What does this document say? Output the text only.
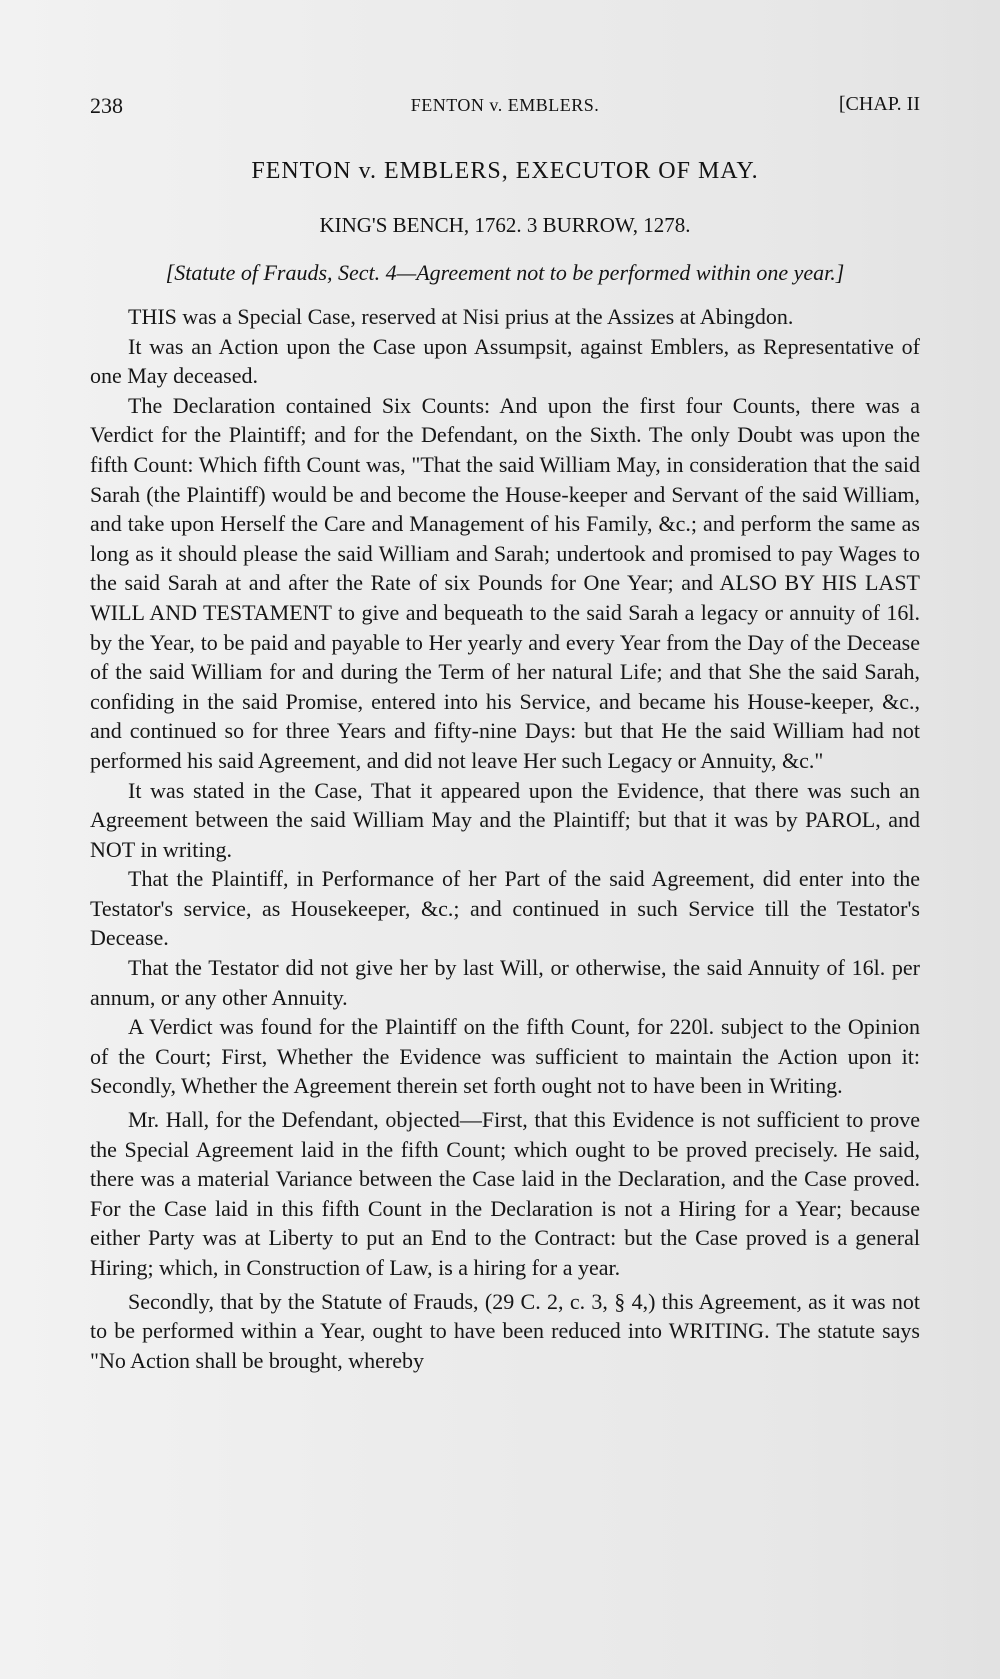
238	FENTON v. EMBLERS.	[CHAP. II
FENTON v. EMBLERS, EXECUTOR OF MAY.
KING'S BENCH, 1762. 3 BURROW, 1278.
[Statute of Frauds, Sect. 4—Agreement not to be performed within one year.]

THIS was a Special Case, reserved at Nisi prius at the Assizes at Abingdon.

It was an Action upon the Case upon Assumpsit, against Emblers, as Representative of one May deceased.

The Declaration contained Six Counts: And upon the first four Counts, there was a Verdict for the Plaintiff; and for the Defendant, on the Sixth. The only Doubt was upon the fifth Count: Which fifth Count was, "That the said William May, in consideration that the said Sarah (the Plaintiff) would be and become the House-keeper and Servant of the said William, and take upon Herself the Care and Management of his Family, &c.; and perform the same as long as it should please the said William and Sarah; undertook and promised to pay Wages to the said Sarah at and after the Rate of six Pounds for One Year; and ALSO BY HIS LAST WILL AND TESTAMENT to give and bequeath to the said Sarah a legacy or annuity of 16l. by the Year, to be paid and payable to Her yearly and every Year from the Day of the Decease of the said William for and during the Term of her natural Life; and that She the said Sarah, confiding in the said Promise, entered into his Service, and became his House-keeper, &c., and continued so for three Years and fifty-nine Days: but that He the said William had not performed his said Agreement, and did not leave Her such Legacy or Annuity, &c."

It was stated in the Case, That it appeared upon the Evidence, that there was such an Agreement between the said William May and the Plaintiff; but that it was by PAROL, and NOT in writing.

That the Plaintiff, in Performance of her Part of the said Agreement, did enter into the Testator's service, as Housekeeper, &c.; and continued in such Service till the Testator's Decease.

That the Testator did not give her by last Will, or otherwise, the said Annuity of 16l. per annum, or any other Annuity.

A Verdict was found for the Plaintiff on the fifth Count, for 220l. subject to the Opinion of the Court; First, Whether the Evidence was sufficient to maintain the Action upon it: Secondly, Whether the Agreement therein set forth ought not to have been in Writing.

Mr. Hall, for the Defendant, objected—First, that this Evidence is not sufficient to prove the Special Agreement laid in the fifth Count; which ought to be proved precisely. He said, there was a material Variance between the Case laid in the Declaration, and the Case proved. For the Case laid in this fifth Count in the Declaration is not a Hiring for a Year; because either Party was at Liberty to put an End to the Contract: but the Case proved is a general Hiring; which, in Construction of Law, is a hiring for a year.

Secondly, that by the Statute of Frauds, (29 C. 2, c. 3, § 4,) this Agreement, as it was not to be performed within a Year, ought to have been reduced into WRITING. The statute says "No Action shall be brought, whereby
